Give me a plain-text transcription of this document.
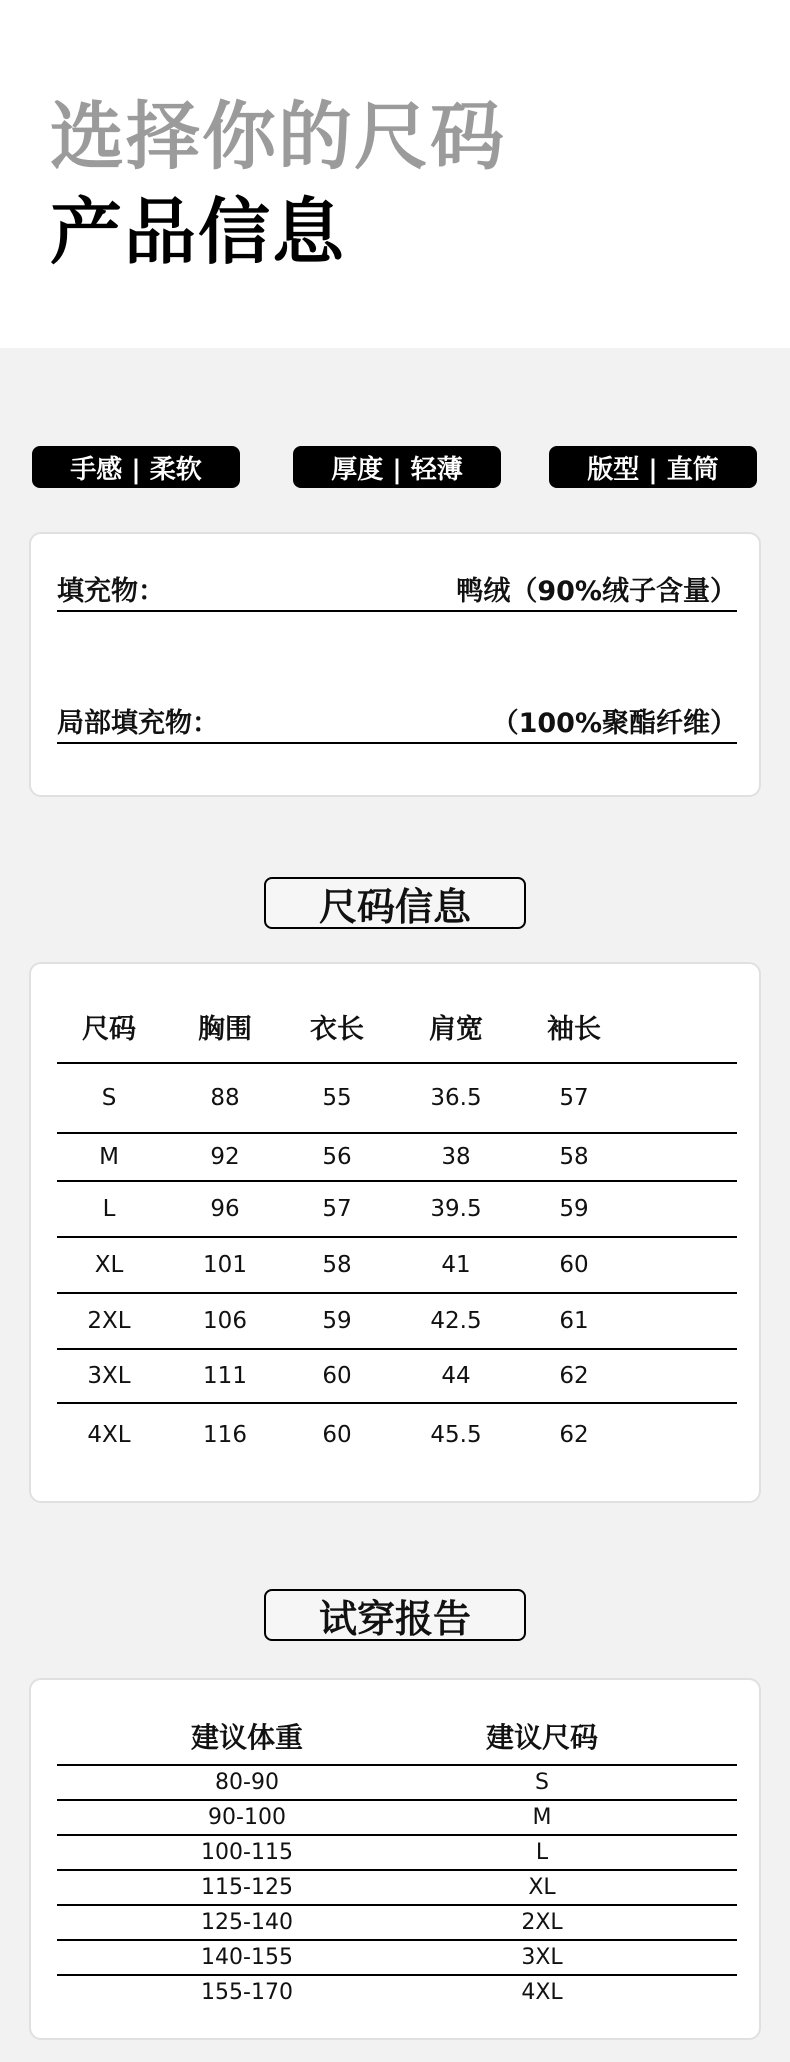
选择你的尺码
产品信息
手感 | 柔软	厚度 | 轻薄	版型 | 直筒
填充物：	鸭绒（90%绒子含量）
局部填充物：	（100%聚酯纤维）
尺码信息
尺码	胸围	衣长	肩宽	袖长	
S	88	55	36.5	57	
M	92	56	38	58	
L	96	57	39.5	59	
XL	101	58	41	60	
2XL	106	59	42.5	61	
3XL	111	60	44	62	
4XL	116	60	45.5	62	
试穿报告
建议体重	建议尺码	
80-90	S	
90-100	M	
100-115	L	
115-125	XL	
125-140	2XL	
140-155	3XL	
155-170	4XL	
